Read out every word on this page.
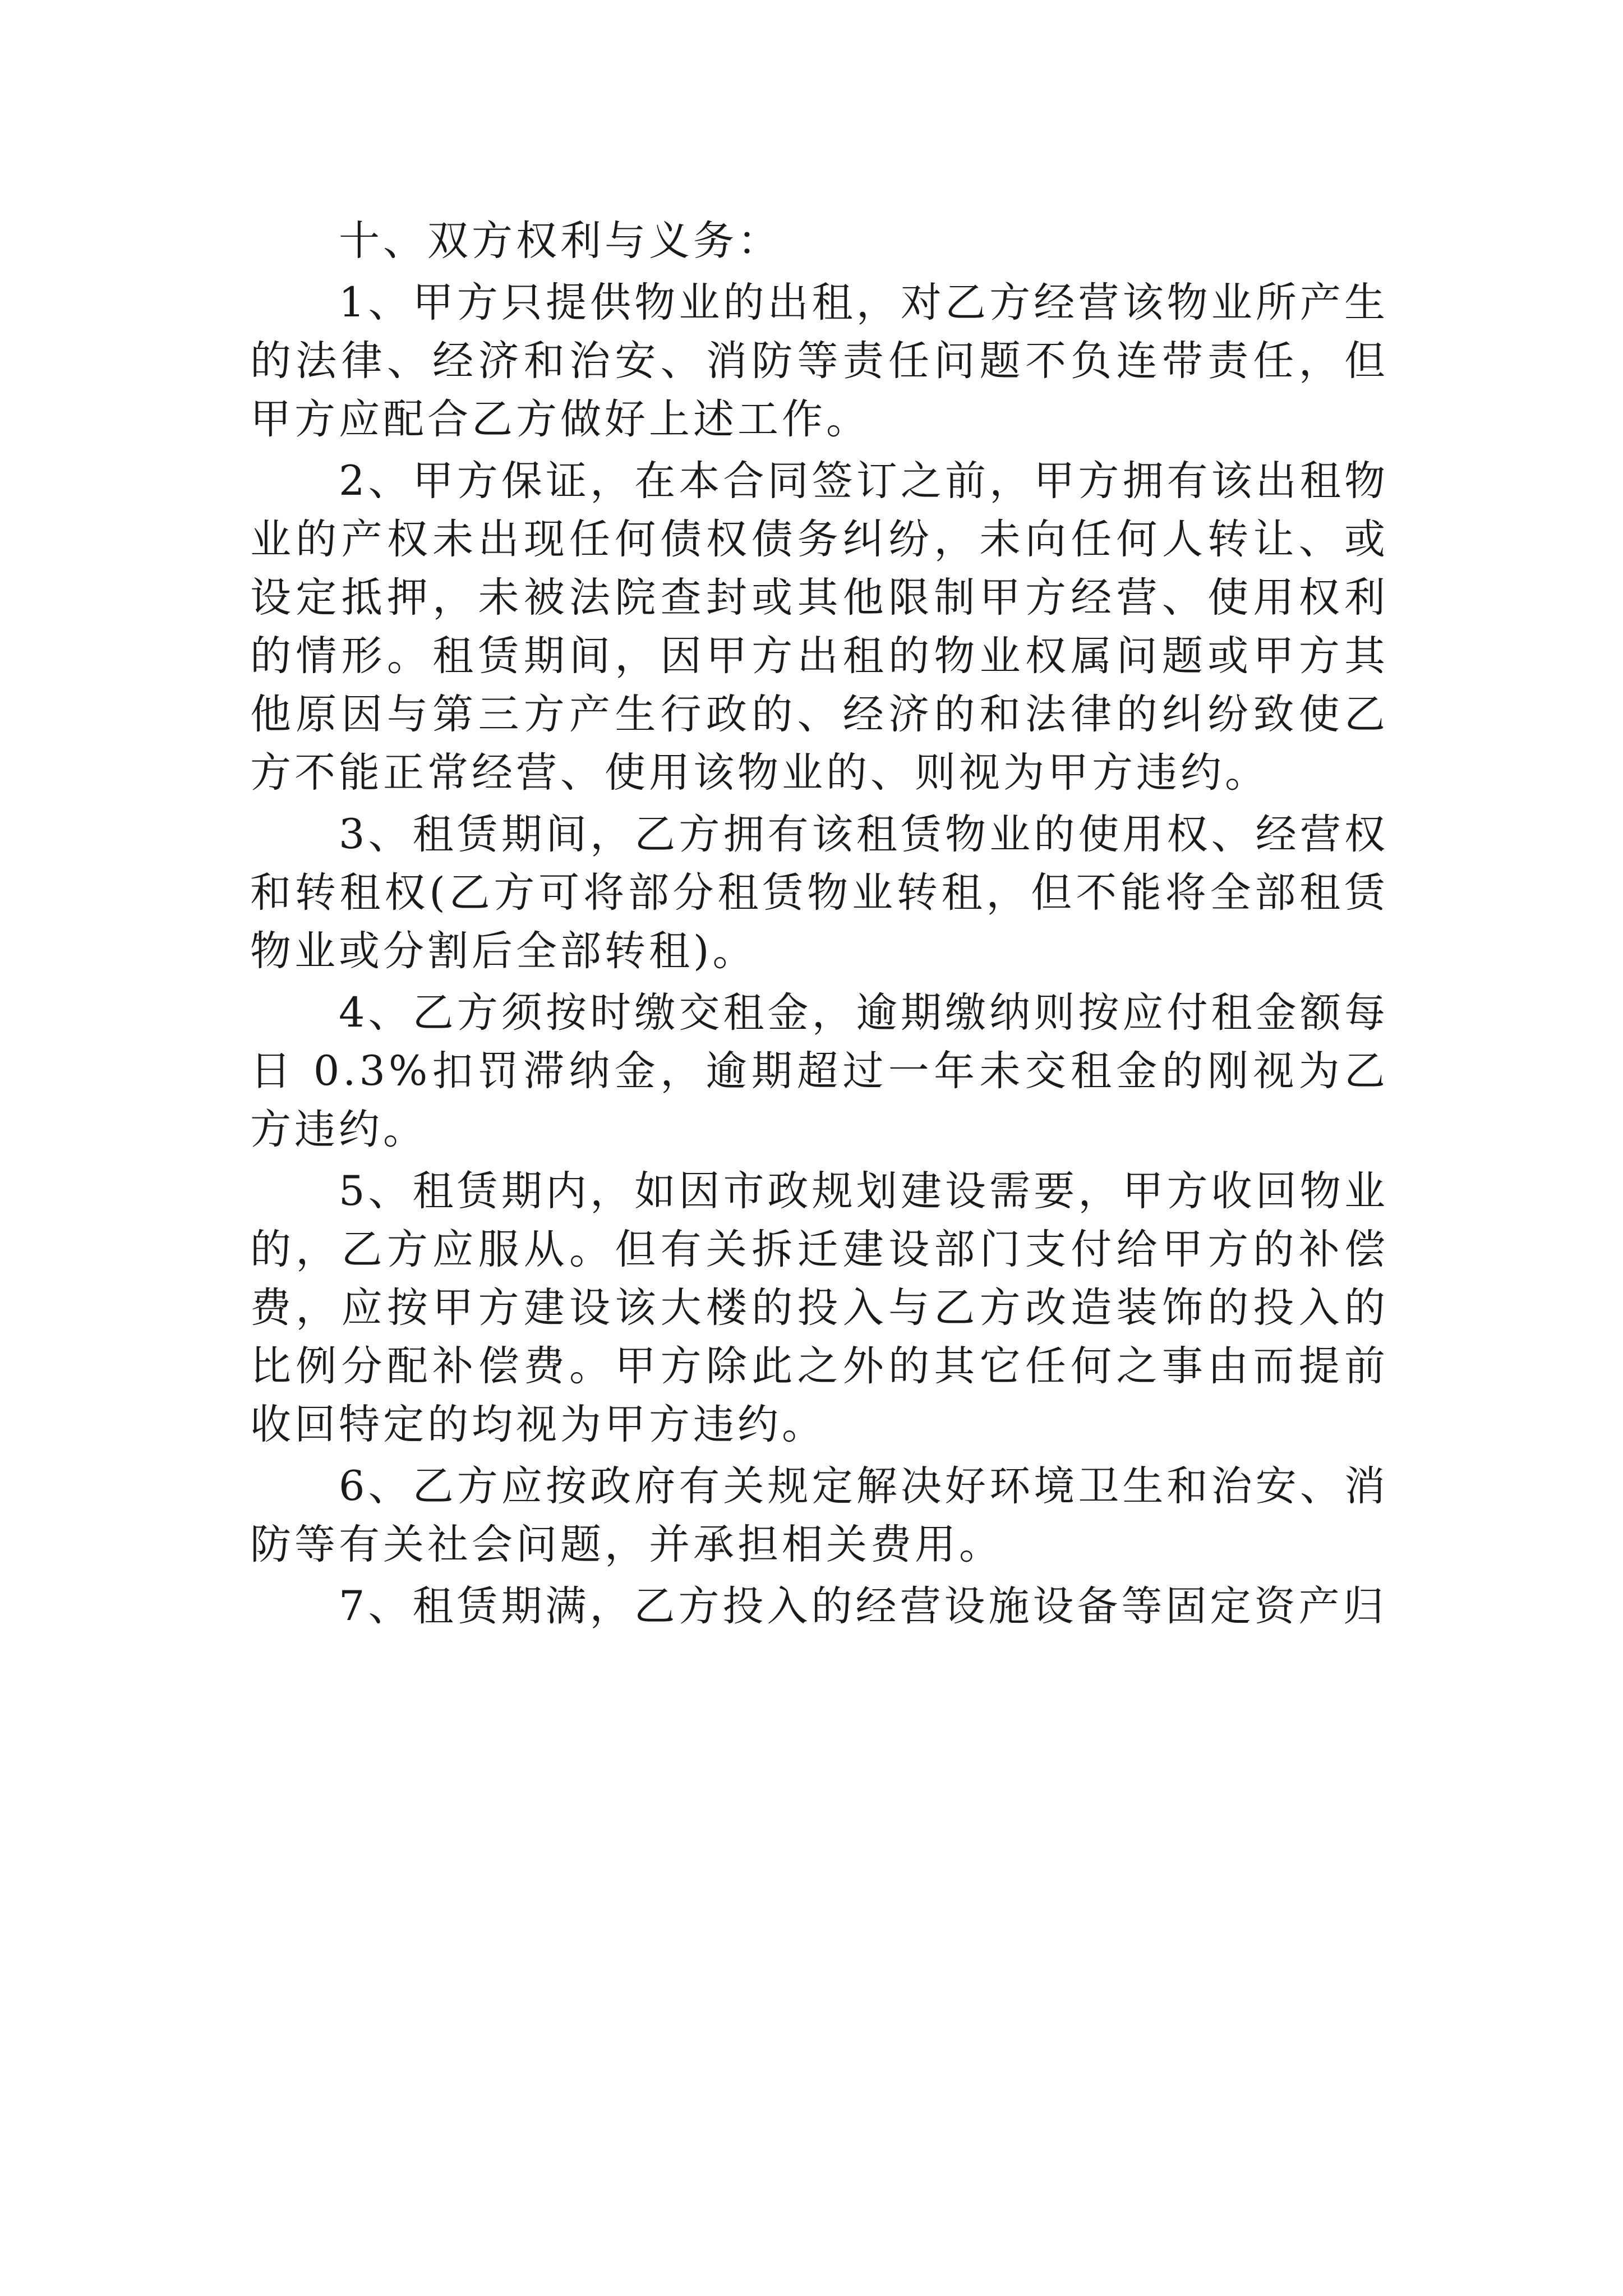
十、双方权利与义务：

1、甲方只提供物业的出租，对乙方经营该物业所产生的法律、经济和治安、消防等责任问题不负连带责任，但甲方应配合乙方做好上述工作。

2、甲方保证，在本合同签订之前，甲方拥有该出租物业的产权未出现任何债权债务纠纷，未向任何人转让、或设定抵押，未被法院查封或其他限制甲方经营、使用权利的情形。租赁期间，因甲方出租的物业权属问题或甲方其他原因与第三方产生行政的、经济的和法律的纠纷致使乙方不能正常经营、使用该物业的、则视为甲方违约。

3、租赁期间，乙方拥有该租赁物业的使用权、经营权和转租权(乙方可将部分租赁物业转租，但不能将全部租赁物业或分割后全部转租)。

4、乙方须按时缴交租金，逾期缴纳则按应付租金额每日 0.3%扣罚滞纳金，逾期超过一年未交租金的刚视为乙方违约。

5、租赁期内，如因市政规划建设需要，甲方收回物业的，乙方应服从。但有关拆迁建设部门支付给甲方的补偿费，应按甲方建设该大楼的投入与乙方改造装饰的投入的比例分配补偿费。甲方除此之外的其它任何之事由而提前收回特定的均视为甲方违约。

6、乙方应按政府有关规定解决好环境卫生和治安、消防等有关社会问题，并承担相关费用。

7、租赁期满，乙方投入的经营设施设备等固定资产归
